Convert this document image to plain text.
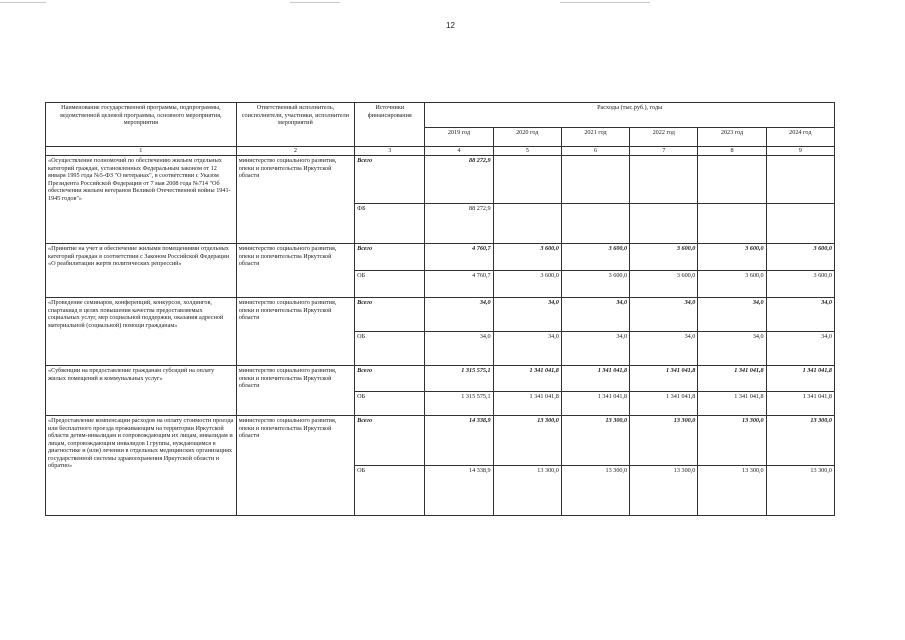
12
Наименование государственной программы, подпрограммы, ведомственной целевой программы, основного мероприятия, мероприятия	Ответственный исполнитель, соисполнители, участники, исполнители мероприятий	Источники финансирования	Расходы (тыс.руб.), годы					
			2019 год	2020 год	2021 год	2022 год	2023 год	2024 год
1	2	3	4	5	6	7	8	9
«Осуществление полномочий по обеспечению жильем отдельных категорий граждан, установленных Федеральным законом от 12 января 1995 года №5-ФЗ "О ветеранах", в соответствии с Указом Президента Российской Федерации от 7 мая 2008 года №714 "Об обеспечении жильем ветеранов Великой Отечественной войны 1941-1945 годов"»	министерство социального развития, опеки и попечительства Иркутской области	Всего	88 272,9					
		ФБ	88 272,9					
«Принятие на учет и обеспечение жилыми помещениями отдельных категорий граждан в соответствии с Законом Российской Федерации «О реабилитации жертв политических репрессий»	министерство социального развития, опеки и попечительства Иркутской области	Всего	4 760,7	3 600,0	3 600,0	3 600,0	3 600,0	3 600,0
		ОБ	4 760,7	3 600,0	3 600,0	3 600,0	3 600,0	3 600,0
«Проведение семинаров, конференций, конкурсов, холдингов, спартакиад в целях повышения качества предоставляемых социальных услуг, мер социальной поддержки, оказания адресной материальной (социальной) помощи гражданам»	министерство социального развития, опеки и попечительства Иркутской области	Всего	34,0	34,0	34,0	34,0	34,0	34,0
		ОБ	34,0	34,0	34,0	34,0	34,0	34,0
«Субвенции на предоставление гражданам субсидий на оплату жилых помещений и коммунальных услуг»	министерство социального развития, опеки и попечительства Иркутской области	Всего	1 315 575,1	1 341 041,8	1 341 041,8	1 341 041,8	1 341 041,8	1 341 041,8
		ОБ	1 315 575,1	1 341 041,8	1 341 041,8	1 341 041,8	1 341 041,8	1 341 041,8
«Предоставление компенсации расходов на оплату стоимости проезда или бесплатного проезда проживающим на территории Иркутской области детям-инвалидам и сопровождающим их лицам, инвалидам и лицам, сопровождающим инвалидов I группы, нуждающимся в диагностике и (или) лечении в отдельных медицинских организациях государственной системы здравоохранения Иркутской области и обратно»	министерство социального развития, опеки и попечительства Иркутской области	Всего	14 338,9	13 300,0	13 300,0	13 300,0	13 300,0	13 300,0
		ОБ	14 338,9	13 300,0	13 300,0	13 300,0	13 300,0	13 300,0
